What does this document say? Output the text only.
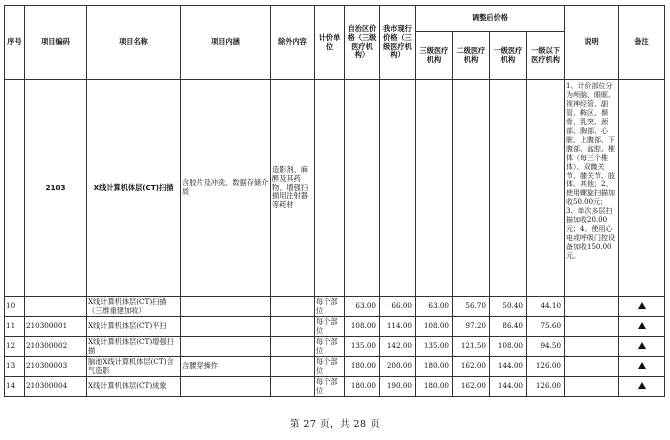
序号	项目编码	项目名称	项目内涵	除外内容	计价单位	自治区价格（三级医疗机构）	我市现行价格（三级医疗机构）	调整后价格				说明	备注
								三级医疗机构	二级医疗机构	一级医疗机构	一级以下医疗机构		
	2103	X线计算机体层(CT)扫描	含胶片及冲洗、数据存储介质	造影剂、麻醉及其药物、增强扫描用注射器等耗材								1、计价部位分为颅脑、眼眶、视神经管、副管、鞍区、颞骨、乳突、颈部、胸部、心脏、上腹部、下腹部、盆腔、椎体（每三个椎体）、双髋关节、膝关节、肢体、其他；2、使用螺旋扫描加收50.00元；3、单次多层扫描加收20.00元；4、使用心电或呼吸门控设备加收150.00元。	
10		X线计算机体层(CT)扫描（三维重建加收）			每个部位	63.00	66.00	63.00	56.70	50.40	44.10		
11	210300001	X线计算机体层(CT)平扫			每个部位	108.00	114.00	108.00	97.20	86.40	75.60		
12	210300002	X线计算机体层(CT)增强扫描			每个部位	135.00	142.00	135.00	121.50	108.00	94.50		
13	210300003	脑池X线计算机体层(CT)含气造影	含腰穿操作		每个部位	180.00	200.00	180.00	162.00	144.00	126.00		
14	210300004	X线计算机体层(CT)成象			每个部位	180.00	190.00	180.00	162.00	144.00	126.00		
第 27 页，共 28 页
